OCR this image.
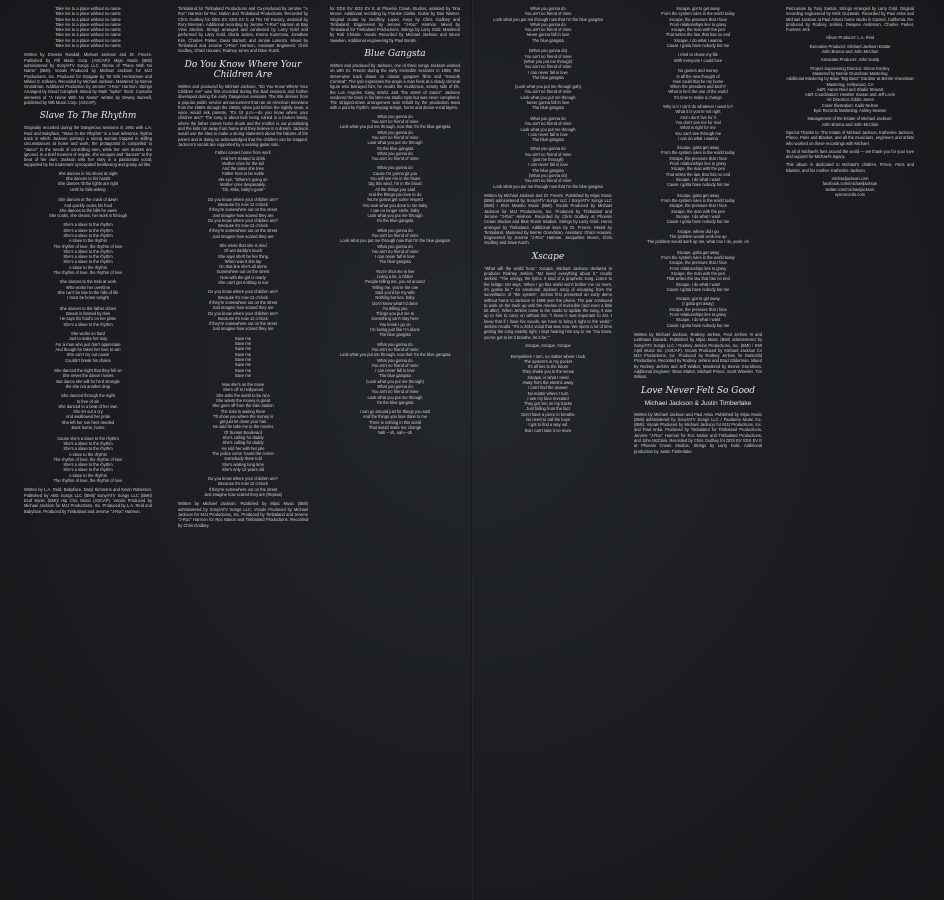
Take me to a place without no name
Take me to a place without no name
Take me to a place without no name
Take me to a place without no name
Take me to a place without no name
Take me to a place without no name
Take me to a place without no name
Take me to a place without no name

Written by Dreams Randall, Michael Jackson and Dr. Freeze. Published by Pill Music Corp. (ASCAP)/ Mijac Music (BMI) administered by Sony/ATV Songs LLC. Remix of "Place With No Name" (BMI). Vocals Produced by Michael Jackson for MJJ Productions, Inc. Produced for Stargate by Tor Erik Hermansen and Mikkel S. Eriksen. Recorded by Michael Jackson. Mastered by Bernie Grundman. Additional Production by Jerome "J-Roc" Harmon. Strings Arranged by David Campbell. Mixed by Mark "Spike" Stent. Contains elements of "A Horse With No Name" written by Dewey Bunnell, published by WB Music Corp. (ASCAP).

Slave To The Rhythm

Originally recorded during the Dangerous sessions in 1991 with L.A. Reid and Babyface, "Slave to the Rhythm" is a taut reference rhythm track in which Jackson portrays a strong woman trapped in stifling circumstances at home and work, the protagonist is compelled to "dance" to the needs of controlling men, while her own desires are ignored. In a brief moment of respite, she escapes and "dances" to the beat of her own. Jackson tells her story in a passionate vocal, supported by his trademark syncopated beatboxing and grainy ad libs.

She dances in his shoes at night
She dances to his hands
She dances 'til the lights are right
Until he falls asleep

She dances at the crack of dawn
And quickly cooks his food
She dances to the bills he owes
She cooks, she cleans, her work is through

She's a slave to the rhythm
She's a slave to the rhythm
She's a slave to the rhythm
A slave to the rhythm
The rhythm of love, the rhythm of love
She's a slave to the rhythm
She's a slave to the rhythm
She's a slave to the rhythm
A slave to the rhythm
The rhythm of love, the rhythm of love

She dances to the train at work
Who works her overtime
She can't be late to the hills of life
I must be home tonight

She dances to the father drives
Dream is farmed by time
He says his food's on her plate
She's a slave to the rhythm

She works so hard
Just to make her way
For a man who just don't appreciate
And though he takes her love to win
She can't cry out cause
Couldn't break his chains

She danced the night that they fell on
She never the dance moves
But dance she will for he'd strangle
the she not another drop

She danced through the night
to free of sin
She danced to a beat of her own
She let out a cry
And swallowed her pride
She left her son hers needed
Back home, home

Cause she's a slave to the rhythm
She's a slave to the rhythm
She's a slave to the rhythm
A slave to the rhythm
The rhythm of love, the rhythm of love
She's a slave to the rhythm
She's a slave to the rhythm
A slave to the rhythm
The rhythm of love, the rhythm of love

Written by L.A. Reid, Babyface, Daryl Simmons and Kevin Roberson. Published by ABG Songs LLC (BMI)/ Sony/ATV Songs LLC (BMI)/ Ecaf Music (BMI)/ Hip Chic Music (ASCAP). Vocals Produced by Michael Jackson for MJJ Productions, Inc. Produced by L.A. Reid and Babyface. Produced by Timbaland and Jerome "J-Roc" Harmon.

Timbaland for Timbaland Productions and Co-produced by Jerome "J-Roc" Harmon for Roc Nation and Timbaland Productions. Recorded by Chris Godbey for DDS EV SDS EV E at The Hit Factory, assisted by Rory Brennan. Additional recording by Jerome "J-Roc" Harmon at Bay View Studios. Strings arranged and conducted by Larry Gold and performed by Larry Gold, Gloria Justen, Emma Kummrow, Jonathan Kim, Charles Parker, Davis Barnett, and Jennie Lorenzo. Mixed by Timbaland and Jerome "J-Roc" Harmon. Assistant Engineers: Chris Godbey, Ghazi Hourani, Rodney Jones and Dave Kutch.

Do You Know Where Your Children Are

Written and produced by Michael Jackson, "Do You Know Where Your Children Are" was first recorded during the Bad sessions and further developed during the early Dangerous sessions. The title derives from a popular public service announcement that ran on American television from the 1960s through the 1980s, when just before the nightly news, a voice would ask parents, "It's 10 p.m.—do you know where your children are?" The song is about kids being ruined in a broken family, where the father comes home drunk and the mother is out prostituting and the kids run away from home and they believe in a dream. Jackson would use the idea to make a strong statement about the failures of the parent and in doing so acknowledged that the children can be trapped. Jackson's vocals are supported by a soaring guitar solo.

Father comes home from work
And he's treated to drink
Mother cries for the kid
And the sister she tries
Father tries to be noble
His eye, "Where's going on
Mother cries desperately,
"Oh, Mike, baby's gone"

Do you know where your children are?
Because it's now 12 o'clock
If they're somewhere out on the street
Just imagine how scared they are
Do you know where your children are?
Because it's now 12 o'clock
If they're somewhere out on the street
Just imagine how scared they are

She wrote that she is tired
Of wet daddy's touch
She says she'll be her thing
When was it she lay
On that line she's all alone
Somewhere out on the street
Now with the girl is ready
She can't get nothing to eat

Do you know where your children are?
Because it's now 12 o'clock
If they're somewhere out on the street
Just imagine how scared they are
Do you know where your children are?
Because it's now 12 o'clock
If they're somewhere out on the street
Just imagine how scared they are

Save me
Save me
Save me
Save me
Save me
Save me
Save me
Save me

Now she's on the move
She's off to Hollywood
She asks the world to be nice
She wants the money is great
She goes off from the train station
The train is waiting there
"I'll show you where the money is
get just let down your hair
He said he take me to the movies
Of Sunset Boulevard
She's calling for daddy
She's calling for daddy
He told her with her pile
The police come 'round the corner
Somebody there told
She's waiting long time
She's only 12 years old

Do you know where your children are?
Because it's now 12 o'clock
If they're somewhere out on the street
Just imagine how scared they are (Repeat)

Written by Michael Jackson. Published by Mijac Music (BMI) administered by Sony/ATV Songs LLC. Vocals Produced by Michael Jackson for MJJ Productions, Inc. Produced by Timbaland and Jerome "J-Roc" Harmon for Roc Nation and Timbaland Productions. Recorded by Chris Godbey.

for DDS EV SDS EV E at Phoenix Crown Studios, assisted by Tina Moore. Additional recording by Frankie Clarke, Guitar by Dan Warner. Original Guitar by Geoffrey Lopez. Keys by Chris Godbey and Timbaland. Engineered by Jerome "J-Roc" Harmon. Mixed by Timbaland for Timbaland Productions. Strings by Larry Gold. Mastered by Rob Christie. Vocals Recorded by Michael Jackson and Bruce Swedien. Additional engineering by Paul Boutin.

Blue Gangsta

Written and produced by Jackson, one of three songs Jackson worked on with Dr. Freeze during the early Invincible sessions in 1999, this street-wise track draws on classic gangster films and "Smooth Criminal". The lyric expresses the anger a man feels at a shady criminal figure who betrayed him; he recalls the murderous, seamy side of life, the Los Angeles Gang World, and "the street of Satan". Jackson rendered the track in his later-era studio style but was never completed. The stripped-down arrangement was rebuilt by the production team with a punchy rhythm, sweeping strings, horns and dense vocal layers.

What you gonna do
You ain't no friend of mine
Look what you put me through, now that I'm the blue gangsta
What you gonna do
You ain't no friend of mine
Look what you put me through
I'm the blue gangsta
What you gonna do
You ain't no friend of mine

What you gonna do
Cause I'm gonna git you
You will see me in the blues
Dig this wind, I'm in the blood
All the things you said
And the things you love to do
You're gonna get some respect
You took what you done to me baby
I can no longer smile, baby
Look what you put me through
I'm the blue gangsta

What you gonna do
You ain't no friend of mine
Look what you put me through now that I'm the blue gangsta
What you gonna do
You ain't no friend of mine
I can never fall in love
The blue gangsta

You're shot me to live
Living a lie, a Glitter
People telling me, you sit around
Telling me, you're the one
Said you'd be my wife
Nothing but lies, baby
Don't know what I'd done
I'm telling you
Things you put me to
Something can't stay here
You know I go on
I'm loving just like I'm alone
The blue gangsta

What you gonna do
You ain't no friend of mine
Look what you put me through, now that I'm the blue gangsta
What you gonna do
You ain't no friend of mine
I can never fall in love
The blue gangsta
(Look what you put me through)
What you gonna do
You ain't no friend of mine
Look what you put me through
I'm the blue gangsta

I can go around just for things you said
And the things you love done to me
There is nothing in this world
That would make me change
Nah – oh, nah—oh

What you gonna do
You ain't no friend of mine
Look what you put me through now that I'm the blue gangsta
What you gonna do
You ain't no friend of mine
Never gonna fall in love
The blue gangsta

(What you gonna do)
You ain't no friend of mine
(What you put me through)
You ain't no friend of mine
I can never fall in love
The blue gangsta

(Look what you put me through gah)
You ain't no friend of mine
Look what you put me through
Never gonna fall in love
The blue gangsta

What you gonna do
You ain't no friend of mine
Look what you put me through
I can never fall in love
The blue gangsta

What you gonna do
You ain't no friend of mine
(just me through)
I can never fall in love
The blue gangsta
(What you gonna do)
You ain't no friend of mine
Look what you put me through now that I'm the blue gangsta

Written by Michael Jackson and Dr. Freeze. Published by Mijac Music (BMI) administered by Sony/ATV Songs LLC / Sony/ATV Songs LLC (BMI) / Elvis Mambo Music (BMI). Vocals Produced by Michael Jackson for MJJ Productions, Inc. Produced by Timbaland and Jerome "J-Roc" Harmon. Recorded by Chris Godbey at Phoenix Crown Studios and Blue Room Studios. Strings by Larry Gold. Horns arranged by Timbaland. Additional keys by Dr. Freeze. Mixed by Timbaland. Mastered by Bernie Grundman. Assistant: Ghazi Hourani, Engineered by Jerome "J-Roc" Harmon, Jacqueline Moore, Chris Godbey and Dave Kutch.

Xscape

"What will the world hear," Xscape, Michael Jackson declared to producer Rodney Jerkins. "MJ loved everything about it," recalls Jerkins. "The energy, the lyrics. It kind of a prophetic song. Listen to the bridge: MJ says, 'When I go this world won't bother me no more, it's gonna be.'" An emotional Jackson song of escaping from the surveillance of "the system", Jerkins first presented an early demo without horns to Jackson in 1999 over the phone. The pair continued to work on the track up until the release of Invincible (and even a little bit after). When Jerkins came to the studio to update the song, it was up to him to carry on without MJ. "I knew it was important to MJ. I knew that if I have his vocals, we have to bring it right to the world." Jerkins recalls. "It's a 2014 vocal that was now. We spent a lot of time getting the song exactly right. I kept hearing him say to me 'You know, you've got to let it breathe, let it be.'"

Xscape, Xscape, Xscape

Everywhere I turn, no matter where I look
The system's in my pocket
It's all lies to the future
They shake you in the sense
Xscape, is what I need
Away from the electric away
I can't find the answer
No matter where I turn
I see my face revealed
They got 'em on my tracks
Just hiding from the fact
Don't have a piece to breathe
No need to call the boys
I got to find a way out
But I can't take it no more

Xscape, got to get away
From the system rules in the world today
Xscape, the pressure that I face
From relationships lies to gravy
Xscape, the man with the pen
That writes the law, that has no end
Xscape, I do what I wanna
Cause I gotta have nobody but me

I tried to chase my life
With everyone I could love

No games and money
Is all the new thought of
How could that be my home
When the president and bush?
What is he's the one of the world
It's time to make a change

Why is it I can't do whatever I want to?
What it is you're not right
And I don't live for it
You don't see me for real
What is right for me
You can't see through me
I can do what I wanna

Xscape, gotta get away
From the system rules in the world today
Xscape, the pressure that I face
From relationships lies to gravy
Xscape, the man with the pen
That writes the law, that has no end
Xscape, I do what I want
Cause I gotta have nobody but me

Xscape, gotta get away
From the system rules in the world today
Xscape, the pressure that I face
Xscape, the man with the pen
Xscape, I do what I want
Cause I gotta have nobody but me

Xscape, where did I go
The problem would work me up
The problem would work up me, what can I do, yeah, oh

Xscape, gotta get away
From the system rules in the world today
Xscape, the pressure that I face
From relationships lies to gravy
Xscape, the man with the pen
That writes the law that has no end
Xscape, I do what I want
Cause I gotta have nobody but me

Xscape, got to get away
(I gotta get away)
Xscape, the pressure that I face
From relationships lies to gravy
Xscape, I do what I want
Cause I gotta have nobody but me

Written by Michael Jackson, Rodney Jerkins, Fred Jerkins III and LaShawn Daniels. Published by Mijac Music (BMI) administered by Sony/ATV Songs LLC / Rodney Jerkins Productions, Inc. (BMI) / EMI April Music Inc. (ASCAP). Vocals Produced by Michael Jackson for MJJ Productions, Inc. Produced by Rodney Jerkins for Darkchild Productions. Recorded by Rodney Jerkins and Brad Gilderman. Mixed by Rodney Jerkins and Jeff Walker, Mastered by Bernie Grundman. Additional Engineer: Brian Maher, Michael Prince, Scott Wheeler, Tim Wilson.

Love Never Felt So Good
Michael Jackson & Justin Timberlake

Written by Michael Jackson and Paul Anka. Published by Mijac Music (BMI) administered by Sony/ATV Songs LLC / Paulanne Music Inc. (BMI). Vocals Produced by Michael Jackson for MJJ Productions, Inc. and Paul Anka. Produced by Timbaland for Timbaland Productions, Jerome "J-Roc" Harmon for Roc Nation and Timbaland Productions, and John McClain. Recorded by Chris Godbey for DDS EV SDS EV E at Phoenix Crown Studios. Strings by Larry Gold. Additional production by Justin Timberlake.

Percussion by Tony Santos. Strings Arranged by Larry Gold. Original recording engineered by Mick Guzauski. Recorded by Paul Anka and Michael Jackson at Paul Anka's home studio in Carmel, California. Re-produced by Rodney Jerkins, Dwayne Anderson, Charles Parker, Fuentes Jerk.

Album Producer: L.A. Reid

Executive Producer: Michael Jackson Estate
John Branca and John McClain

Associate Producer: John Doelp

Project Supervising Director: Simon Emsley
Mastered by Bernie Grundman Mastering
Additional Mastering by Brian "Big Bass" Gardner at Bernie Grundman Mastering, Hollywood, CA
A&R: Aaron Reid and Shakir Stewart
A&R Coordination: Heather Saxton and Jeff Levin
Art Direction: Eddie Jones
Cover Illustration: Kadir Nelson
Epic Records Marketing: Ashley Newton

Management of the Estate of Michael Jackson:
John Branca and John McClain

Special Thanks to: The Estate of Michael Jackson, Katherine Jackson, Prince, Paris and Blanket, and all the musicians, engineers and artists who worked on these recordings with Michael.

To all of Michael's fans around the world — we thank you for your love and support for Michael's legacy.

This album is dedicated to Michael's children, Prince, Paris and Blanket, and his mother, Katherine Jackson.

michaeljackson.com
facebook.com/michaeljackson
twitter.com/michaeljackson
epicrecords.com
